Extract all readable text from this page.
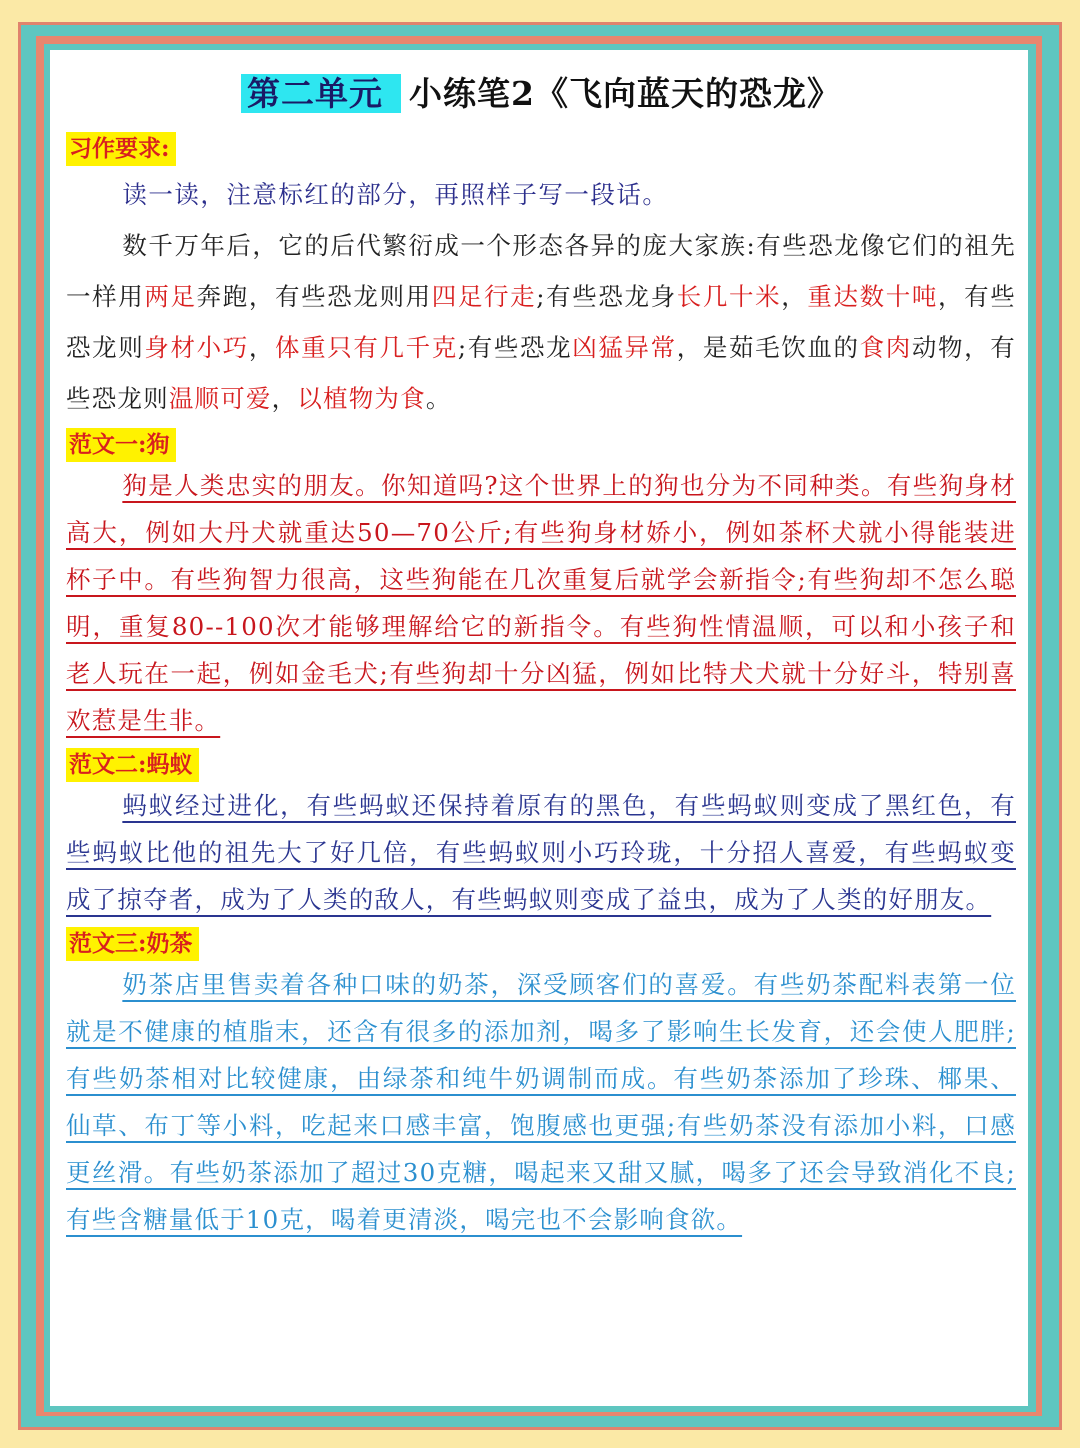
第二单元 小练笔2《飞向蓝天的恐龙》
习作要求:

读一读，注意标红的部分，再照样子写一段话。

数千万年后，它的后代繁衍成一个形态各异的庞大家族:有些恐龙像它们的祖先一样用两足奔跑，有些恐龙则用四足行走;有些恐龙身长几十米，重达数十吨，有些恐龙则身材小巧，体重只有几千克;有些恐龙凶猛异常，是茹毛饮血的食肉动物，有些恐龙则温顺可爱，以植物为食。

范文一:狗

狗是人类忠实的朋友。你知道吗?这个世界上的狗也分为不同种类。有些狗身材高大，例如大丹犬就重达50—70公斤;有些狗身材娇小，例如茶杯犬就小得能装进杯子中。有些狗智力很高，这些狗能在几次重复后就学会新指令;有些狗却不怎么聪明，重复80--100次才能够理解给它的新指令。有些狗性情温顺，可以和小孩子和老人玩在一起，例如金毛犬;有些狗却十分凶猛，例如比特犬犬就十分好斗，特别喜欢惹是生非。

范文二:蚂蚁

蚂蚁经过进化，有些蚂蚁还保持着原有的黑色，有些蚂蚁则变成了黑红色，有些蚂蚁比他的祖先大了好几倍，有些蚂蚁则小巧玲珑，十分招人喜爱，有些蚂蚁变成了掠夺者，成为了人类的敌人，有些蚂蚁则变成了益虫，成为了人类的好朋友。

范文三:奶茶

奶茶店里售卖着各种口味的奶茶，深受顾客们的喜爱。有些奶茶配料表第一位就是不健康的植脂末，还含有很多的添加剂，喝多了影响生长发育，还会使人肥胖;有些奶茶相对比较健康，由绿茶和纯牛奶调制而成。有些奶茶添加了珍珠、椰果、仙草、布丁等小料，吃起来口感丰富，饱腹感也更强;有些奶茶没有添加小料，口感更丝滑。有些奶茶添加了超过30克糖，喝起来又甜又腻，喝多了还会导致消化不良;有些含糖量低于10克，喝着更清淡，喝完也不会影响食欲。
